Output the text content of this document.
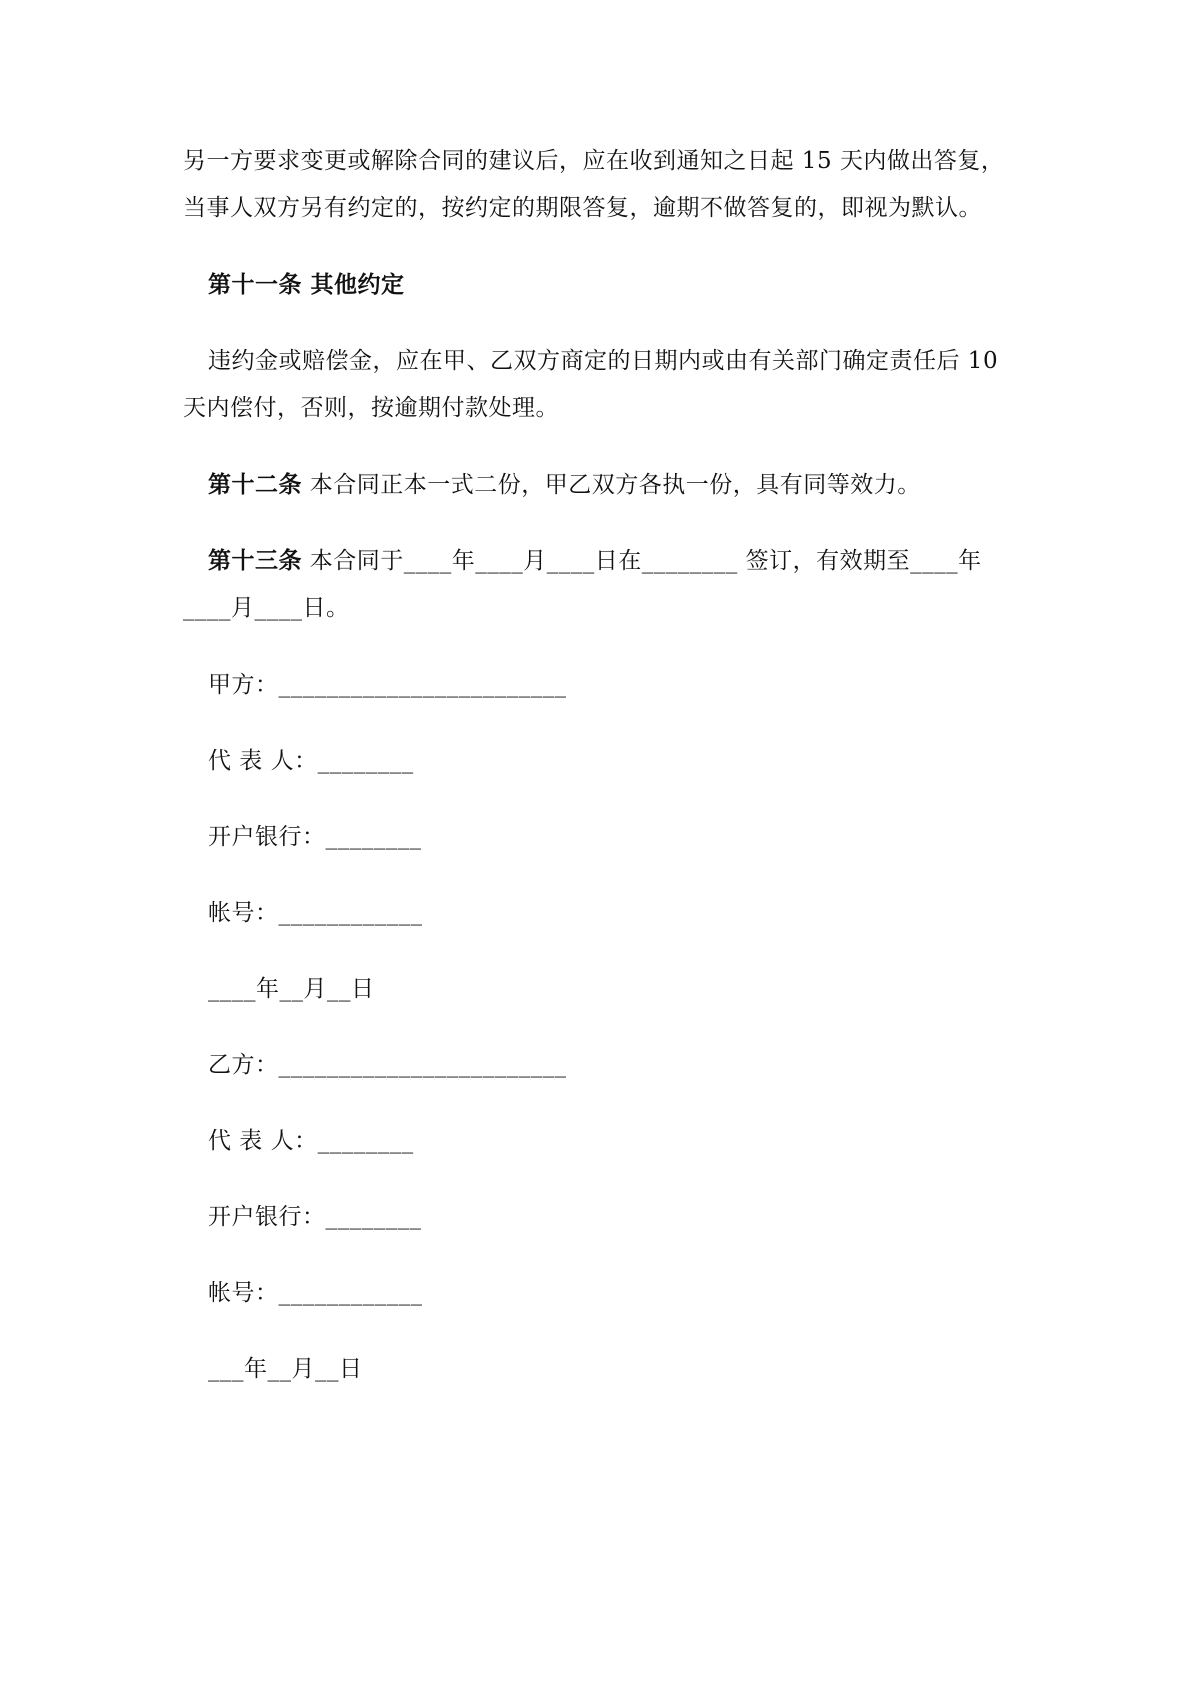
另一方要求变更或解除合同的建议后，应在收到通知之日起 15 天内做出答复，
当事人双方另有约定的，按约定的期限答复，逾期不做答复的，即视为默认。
第十一条 其他约定
违约金或赔偿金，应在甲、乙双方商定的日期内或由有关部门确定责任后 10
天内偿付，否则，按逾期付款处理。
第十二条 本合同正本一式二份，甲乙双方各执一份，具有同等效力。
第十三条 本合同于____年____月____日在________ 签订，有效期至____年
____月____日。
甲方：________________________
代 表 人：________
开户银行：________
帐号：____________
____年__月__日
乙方：________________________
代 表 人：________
开户银行：________
帐号：____________
___年__月__日
